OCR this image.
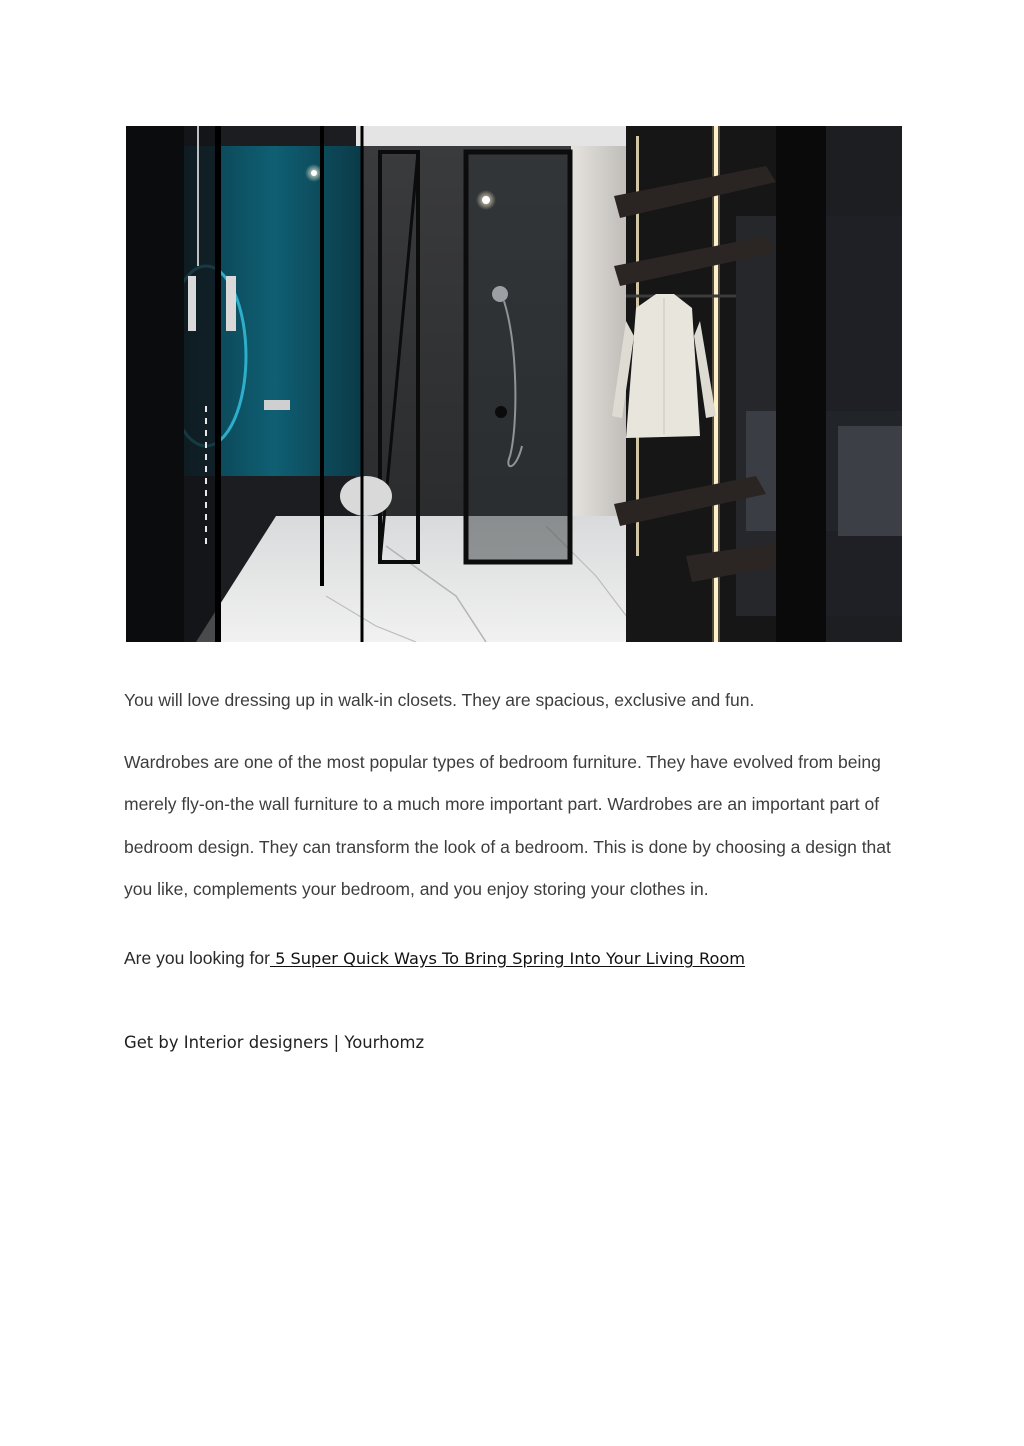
You will love dressing up in walk-in closets. They are spacious, exclusive and fun.

Wardrobes are one of the most popular types of bedroom furniture. They have evolved from being merely fly-on-the wall furniture to a much more important part. Wardrobes are an important part of bedroom design. They can transform the look of a bedroom. This is done by choosing a design that you like, complements your bedroom, and you enjoy storing your clothes in.

Are you looking for 5 Super Quick Ways To Bring Spring Into Your Living Room

Get by Interior designers | Yourhomz
